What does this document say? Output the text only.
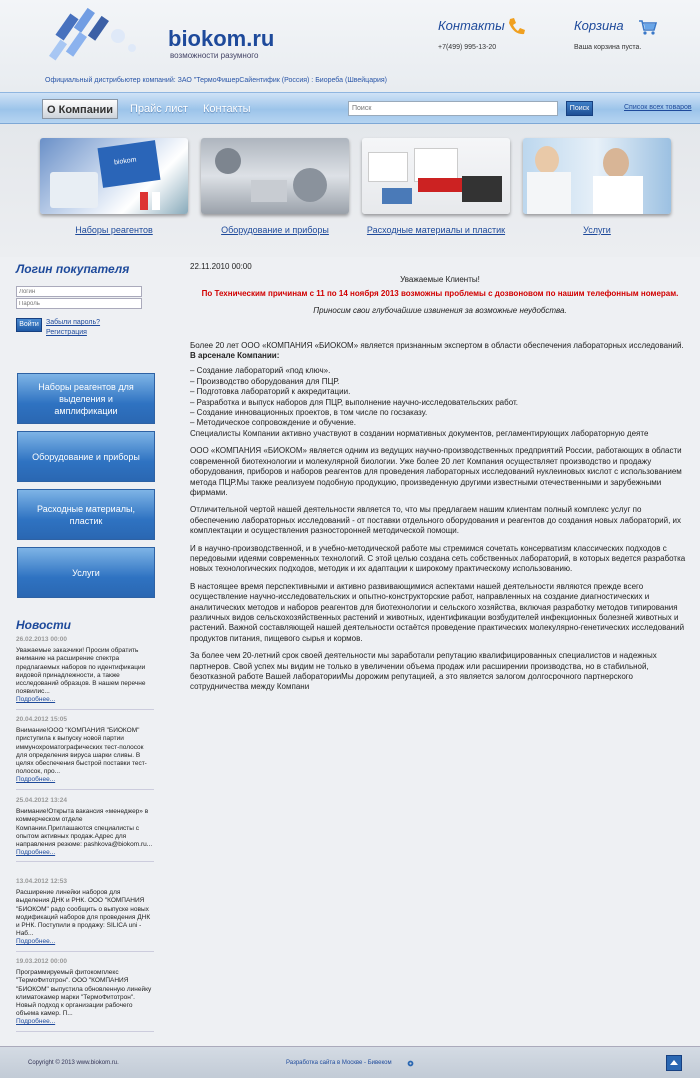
biokom.ru
возможности разумного
Официальный дистрибьютер компаний: ЗАО "ТермоФишерСайентифик (Россия) : Биореба (Швейцария)
Контакты
+7(499) 995-13-20
Корзина
Ваша корзина пуста.
О Компании	Прайс лист Контакты
Поиск	Поиск	Список всех товаров
biokom
Наборы реагентов	Оборудование и приборы	Расходные материалы и пластик	Услуги
Логин покупателя
Логин
Пароль
Войти	Забыли пароль?
Регистрация
Наборы реагентов для выделения и амплификации
Оборудование и приборы
Расходные материалы, пластик
Услуги
Новости
26.02.2013 00:00
Уважаемые заказчики! Просим обратить внимание на расширение спектра предлагаемых наборов по идентификации видовой принадлежности, а также исследований образцов. В нашем перечне появилис...
Подробнее...
20.04.2012 15:05
Внимание!ООО "КОМПАНИЯ "БИОКОМ" приступила к выпуску новой партии иммунохроматографических тест-полосок для определения вируса шарки сливы. В целях обеспечения быстрой поставки тест-полосок, про...
Подробнее...
25.04.2012 13:24
Внимание!Открыта вакансия «менеджер» в коммерческом отделе Компании.Приглашаются специалисты с опытом активных продаж.Адрес для направления резюме: pashkova@biokom.ru...
Подробнее...
13.04.2012 12:53
Расширение линейки наборов для выделения ДНК и РНК. ООО "КОМПАНИЯ "БИОКОМ" радо сообщить о выпуске новых модификаций наборов для проведения ДНК и РНК. Поступили в продажу: SILICA uni - Наб...
Подробнее...
19.03.2012 00:00
Программируемый фитокомплекс "ТермоФитотрон". ООО "КОМПАНИЯ "БИОКОМ" выпустила обновленную линейку климатокамер марки "ТермоФитотрон". Новый подход к организации рабочего объема камер. П...
Подробнее...

22.11.2010 00:00

Уважаемые Клиенты!

По Техническим причинам с 11 по 14 ноября 2013 возможны проблемы с дозвоновом по нашим телефонным номерам.

Приносим свои глубочайшие извинения за возможные неудобства.

Более 20 лет ООО «КОМПАНИЯ «БИОКОМ» является признанным экспертом в области обеспечения лабораторных исследований. В арсенале Компании:

– Создание лабораторий «под ключ».
– Производство оборудования для ПЦР.
– Подготовка лабораторий к аккредитации.
– Разработка и выпуск наборов для ПЦР, выполнение научно-исследовательских работ.
– Создание инновационных проектов, в том числе по госзаказу.
– Методическое сопровождение и обучение.

Специалисты Компании активно участвуют в создании нормативных документов, регламентирующих лабораторную деяте

ООО «КОМПАНИЯ «БИОКОМ» является одним из ведущих научно-производственных предприятий России, работающих в области современной биотехнологии и молекулярной биологии. Уже более 20 лет Компания осуществляет производство и продажу оборудования, приборов и наборов реагентов для проведения лабораторных исследований нуклеиновых кислот с использованием метода ПЦР.Мы также реализуем подобную продукцию, произведенную другими известными отечественными и зарубежными фирмами.

Отличительной чертой нашей деятельности является то, что мы предлагаем нашим клиентам полный комплекс услуг по обеспечению лабораторных исследований - от поставки отдельного оборудования и реагентов до создания новых лабораторий, их комплектации и осуществления разносторонней методической помощи.

И в научно-производственной, и в учебно-методической работе мы стремимся сочетать консерватизм классических подходов с передовыми идеями современных технологий. С этой целью создана сеть собственных лабораторий, в которых ведется разработка новых технологических подходов, методик и их адаптации к широкому практическому использованию.

В настоящее время перспективными и активно развивающимися аспектами нашей деятельности являются прежде всего осуществление научно-исследовательских и опытно-конструкторские работ, направленных на создание диагностических и аналитических методов и наборов реагентов для биотехнологии и сельского хозяйства, включая разработку методов типирования различных видов сельскохозяйственных растений и животных, идентификации возбудителей инфекционных болезней животных и растений. Важной составляющей нашей деятельности остаётся проведение практических молекулярно-генетических исследований продуктов питания, пищевого сырья и кормов.

За более чем 20-летний срок своей деятельности мы заработали репутацию квалифицированных специалистов и надежных партнеров. Свой успех мы видим не только в увеличении объема продаж или расширении производства, но в стабильной, безотказной работе Вашей лабораторииМы дорожим репутацией, а это является залогом долгосрочного партнерского сотрудничества между Компани

Copyright © 2013 www.biokom.ru.	Разработка сайта в Москве - Бивеком
